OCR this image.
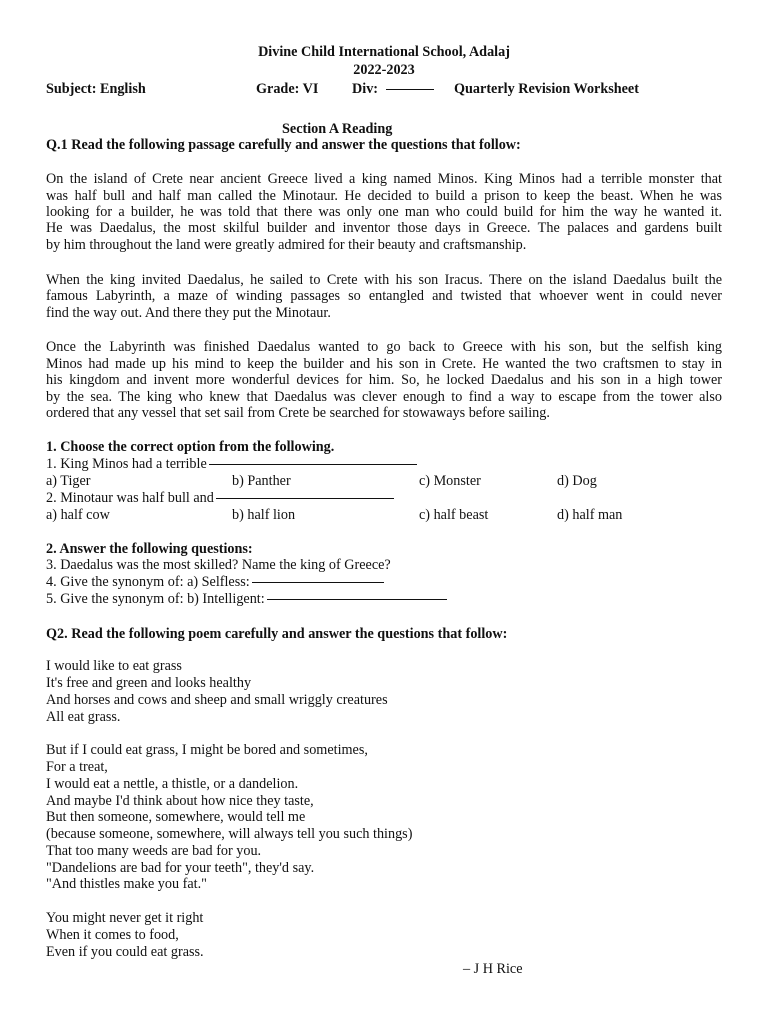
Divine Child International School, Adalaj
2022-2023
Subject: English	Grade: VI Div:	Quarterly Revision Worksheet
Section A Reading
Q.1 Read the following passage carefully and answer the questions that follow:
On the island of Crete near ancient Greece lived a king named Minos. King Minos had a terrible monster that
was half bull and half man called the Minotaur. He decided to build a prison to keep the beast. When he was
looking for a builder, he was told that there was only one man who could build for him the way he wanted it.
He was Daedalus, the most skilful builder and inventor those days in Greece. The palaces and gardens built
by him throughout the land were greatly admired for their beauty and craftsmanship.
When the king invited Daedalus, he sailed to Crete with his son Iracus. There on the island Daedalus built the
famous Labyrinth, a maze of winding passages so entangled and twisted that whoever went in could never
find the way out. And there they put the Minotaur.
Once the Labyrinth was finished Daedalus wanted to go back to Greece with his son, but the selfish king
Minos had made up his mind to keep the builder and his son in Crete. He wanted the two craftsmen to stay in
his kingdom and invent more wonderful devices for him. So, he locked Daedalus and his son in a high tower
by the sea. The king who knew that Daedalus was clever enough to find a way to escape from the tower also
ordered that any vessel that set sail from Crete be searched for stowaways before sailing.
1. Choose the correct option from the following.
1. King Minos had a terrible
a) Tiger	b) Panther	c) Monster	d) Dog
2. Minotaur was half bull and
a) half cow	b) half lion	c) half beast	d) half man
2. Answer the following questions:
3. Daedalus was the most skilled? Name the king of Greece?
4. Give the synonym of: a) Selfless:
5. Give the synonym of: b) Intelligent:
Q2. Read the following poem carefully and answer the questions that follow:
I would like to eat grass
It's free and green and looks healthy
And horses and cows and sheep and small wriggly creatures
All eat grass.
But if I could eat grass, I might be bored and sometimes,
For a treat,
I would eat a nettle, a thistle, or a dandelion.
And maybe I'd think about how nice they taste,
But then someone, somewhere, would tell me
(because someone, somewhere, will always tell you such things)
That too many weeds are bad for you.
"Dandelions are bad for your teeth", they'd say.
"And thistles make you fat."
You might never get it right
When it comes to food,
Even if you could eat grass.
– J H Rice
